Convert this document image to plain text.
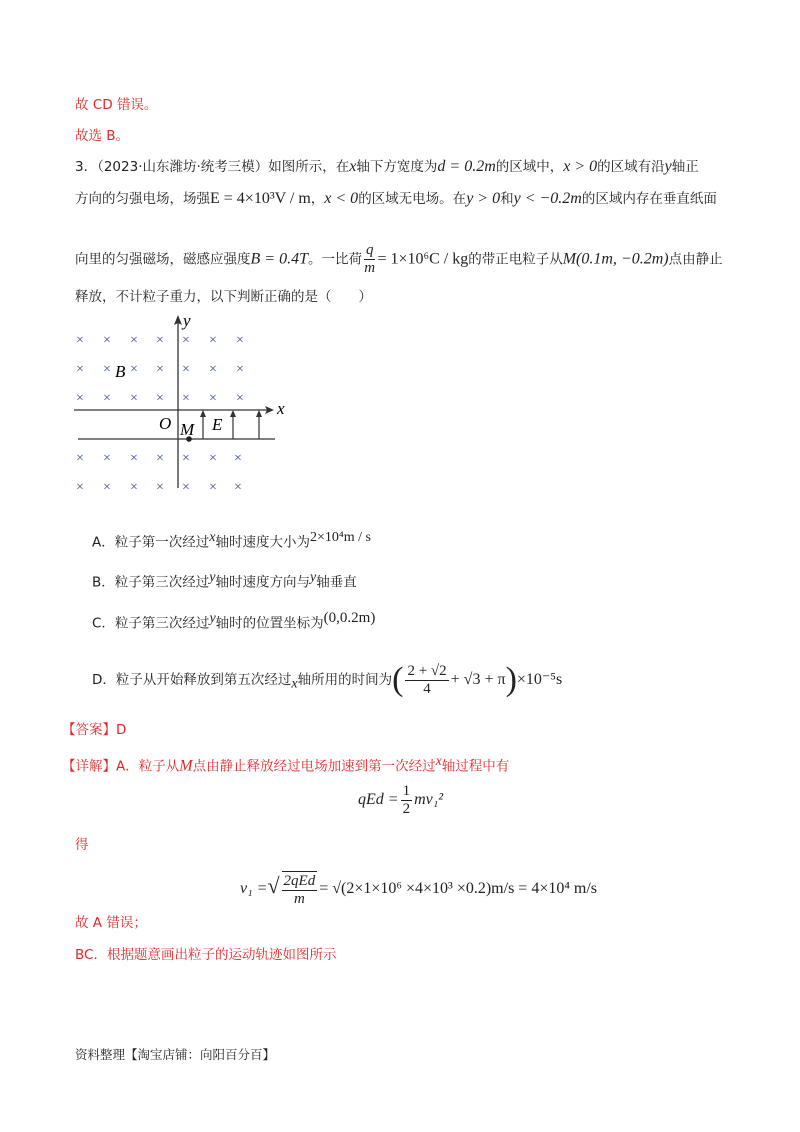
故 CD 错误。
故选 B。
3．（2023·山东潍坊·统考三模）如图所示，在x轴下方宽度为d = 0.2m的区域中，x > 0的区域有沿y轴正
方向的匀强电场，场强E = 4×10³V / m，x < 0的区域无电场。在y > 0和y < −0.2m的区域内存在垂直纸面
向里的匀强磁场，磁感应强度B = 0.4T。一比荷 $\frac{q}{m} = 1\times 10^6C$ / kg的带正电粒子从M(0.1m, −0.2m)点由静止
释放，不计粒子重力，以下判断正确的是（　　）
× × × × × × ×
× × × × × × ×
× × × × × × ×
× × × × × × ×
× × × × × × ×
y
x
O M E
B
A．粒子第一次经过$^x$轴时速度大小为$^{2\times 10^4m / s}$
B．粒子第三次经过$^y$轴时速度方向与$^y$轴垂直
C．粒子第三次经过$^y$轴时的位置坐标为$^{(0,0.2m)}$
D．粒子从开始释放到第五次经过$_x$轴所用的时间为( $\frac{2 + √2}{4} + √3 + \pi)\times 10^{-5}s$
【答案】D
【详解】A．粒子从M点由静止释放经过电场加速到第一次经过$^x$轴过程中有
qEd = $\frac{1}{2} mv_1^2$
得
v₁ =√ $\frac{\text{2qEd}}{m} = √(2\times 1\times 10^6 \times 4\times 10^3 \times 0.2)m/s = 4\times 10^4$ m/s
故 A 错误；
BC．根据题意画出粒子的运动轨迹如图所示
资料整理【淘宝店铺：向阳百分百】
